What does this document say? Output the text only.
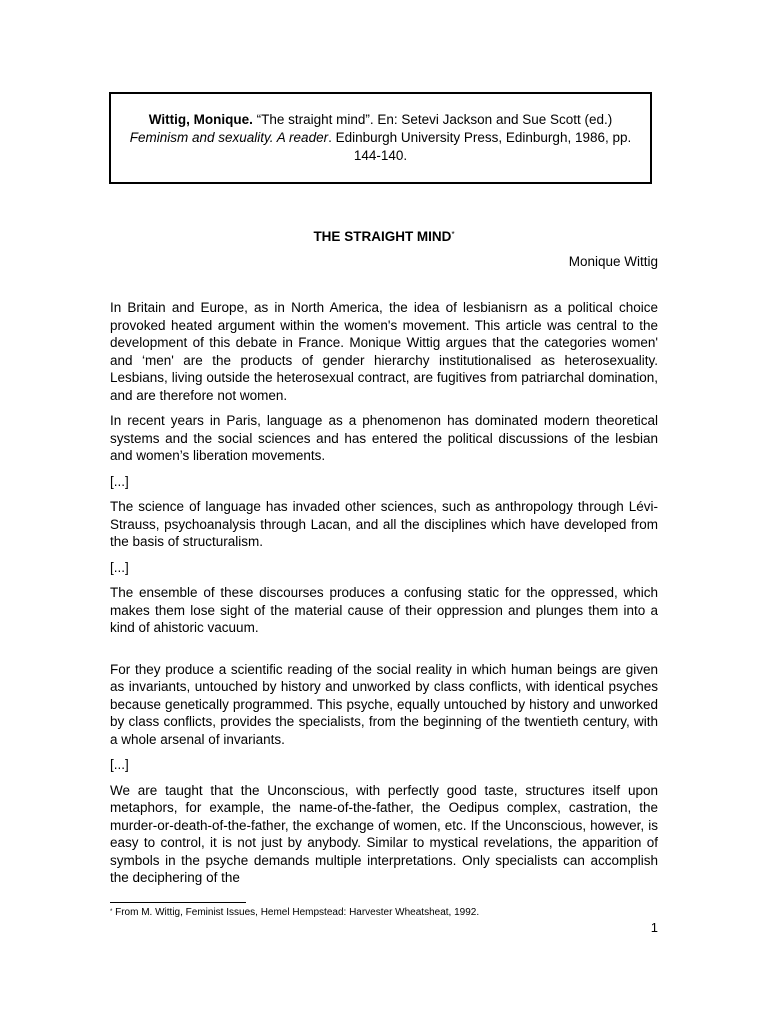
Wittig, Monique. “The straight mind”. En: Setevi Jackson and Sue Scott (ed.) Feminism and sexuality. A reader. Edinburgh University Press, Edinburgh, 1986, pp. 144-140.

THE STRAIGHT MIND*
Monique Wittig

In Britain and Europe, as in North America, the idea of lesbianisrn as a political choice provoked heated argument within the women's movement. This article was central to the development of this debate in France. Monique Wittig argues that the categories women' and ‘men' are the products of gender hierarchy institutionalised as heterosexuality. Lesbians, living outside the heterosexual contract, are fugitives from patriarchal domination, and are therefore not women.

In recent years in Paris, language as a phenomenon has dominated modern theoretical systems and the social sciences and has entered the political discussions of the lesbian and women’s liberation movements.

[...]

The science of language has invaded other sciences, such as anthropology through Lévi-Strauss, psychoanalysis through Lacan, and all the disciplines which have developed from the basis of structuralism.

[...]

The ensemble of these discourses produces a confusing static for the oppressed, which makes them lose sight of the material cause of their oppression and plunges them into a kind of ahistoric vacuum.

For they produce a scientific reading of the social reality in which human beings are given as invariants, untouched by history and unworked by class conflicts, with identical psyches because genetically programmed. This psyche, equally untouched by history and unworked by class conflicts, provides the specialists, from the beginning of the twentieth century, with a whole arsenal of invariants.

[...]

We are taught that the Unconscious, with perfectly good taste, structures itself upon metaphors, for example, the name-of-the-father, the Oedipus complex, castration, the murder-or-death-of-the-father, the exchange of women, etc. If the Unconscious, however, is easy to control, it is not just by anybody. Similar to mystical revelations, the apparition of symbols in the psyche demands multiple interpretations. Only specialists can accomplish the deciphering of the

* From M. Wittig, Feminist Issues, Hemel Hempstead: Harvester Wheatsheat, 1992.
1
